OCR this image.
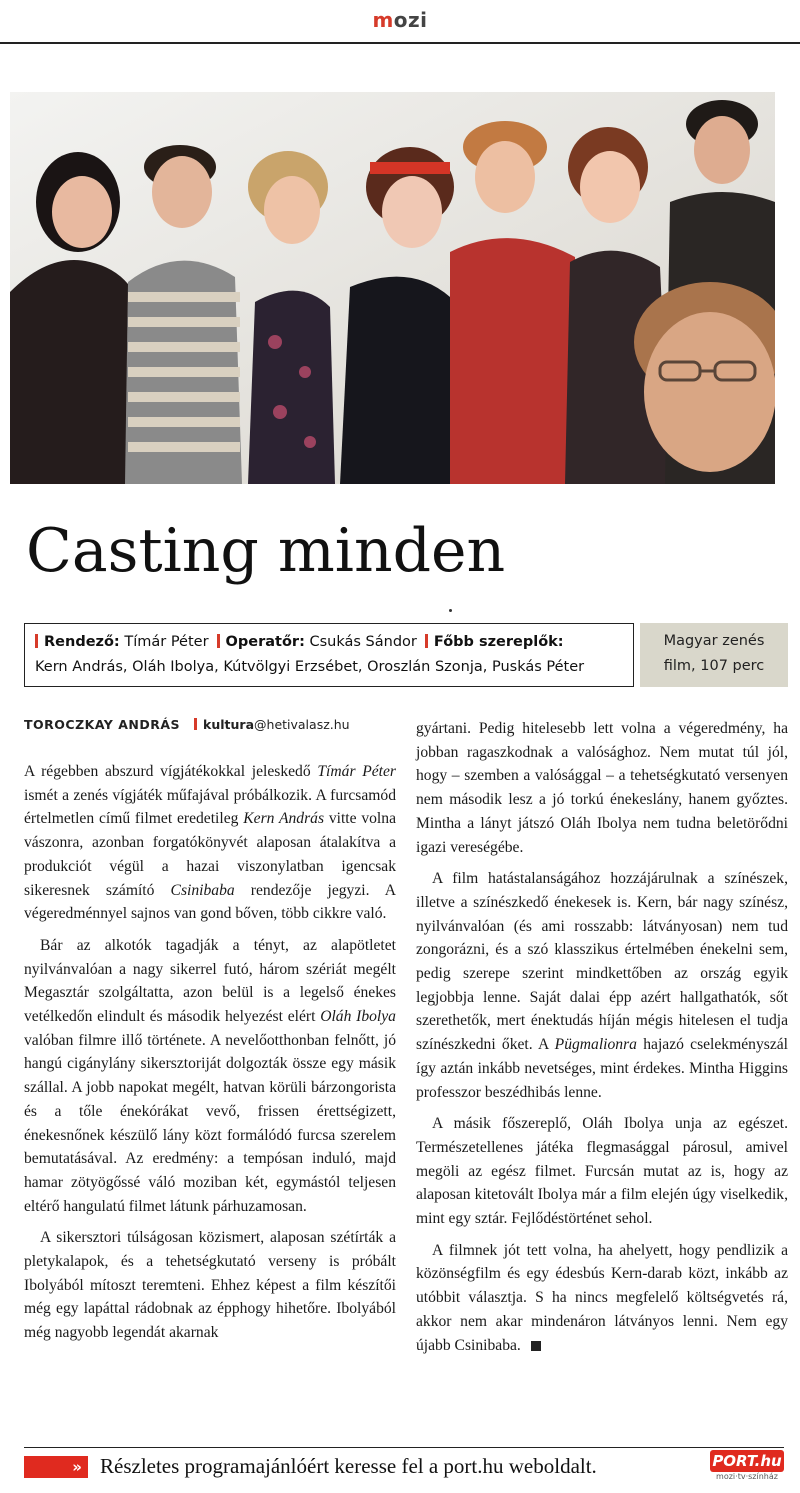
mozi
Casting minden
Rendező: Tímár Péter Operatőr: Csukás Sándor Főbb szereplők:
Kern András, Oláh Ibolya, Kútvölgyi Erzsébet, Oroszlán Szonja, Puskás Péter
Magyar zenés
film, 107 perc
TOROCZKAY ANDRÁS kultura@hetivalasz.hu

A régebben abszurd vígjátékokkal jeleskedő Tímár Péter ismét a zenés vígjáték műfajával próbálkozik. A furcsamód értelmetlen című filmet eredetileg Kern András vitte volna vászonra, azonban forgatókönyvét alaposan átalakítva a produkciót végül a hazai viszonylatban igencsak sikeresnek számító Csinibaba rendezője jegyzi. A végeredménnyel sajnos van gond bőven, több cikkre való.

Bár az alkotók tagadják a tényt, az alapötletet nyilvánvalóan a nagy sikerrel futó, három szériát megélt Megasztár szolgáltatta, azon belül is a legelső énekes vetélkedőn elindult és második helyezést elért Oláh Ibolya valóban filmre illő története. A nevelőotthonban felnőtt, jó hangú cigánylány sikersztoriját dolgozták össze egy másik szállal. A jobb napokat megélt, hatvan körüli bárzongorista és a tőle énekórákat vevő, frissen érettségizett, énekesnőnek készülő lány közt formálódó furcsa szerelem bemutatásával. Az eredmény: a tempósan induló, majd hamar zötyögőssé váló moziban két, egymástól teljesen eltérő hangulatú filmet látunk párhuzamosan.

A sikersztori túlságosan közismert, alaposan szétírták a pletykalapok, és a tehetségkutató verseny is próbált Ibolyából mítoszt teremteni. Ehhez képest a film készítői még egy lapáttal rádobnak az épphogy hihetőre. Ibolyából még nagyobb legendát akarnak

gyártani. Pedig hitelesebb lett volna a végeredmény, ha jobban ragaszkodnak a valósághoz. Nem mutat túl jól, hogy – szemben a valósággal – a tehetségkutató versenyen nem második lesz a jó torkú énekeslány, hanem győztes. Mintha a lányt játszó Oláh Ibolya nem tudna beletörődni igazi vereségébe.

A film hatástalanságához hozzájárulnak a színészek, illetve a színészkedő énekesek is. Kern, bár nagy színész, nyilvánvalóan (és ami rosszabb: látványosan) nem tud zongorázni, és a szó klasszikus értelmében énekelni sem, pedig szerepe szerint mindkettőben az ország egyik legjobbja lenne. Saját dalai épp azért hallgathatók, sőt szerethetők, mert énektudás híján mégis hitelesen el tudja színészkedni őket. A Pügmalionra hajazó cselekményszál így aztán inkább nevetséges, mint érdekes. Mintha Higgins professzor beszédhibás lenne.

A másik főszereplő, Oláh Ibolya unja az egészet. Természetellenes játéka flegmasággal párosul, amivel megöli az egész filmet. Furcsán mutat az is, hogy az alaposan kitetovált Ibolya már a film elején úgy viselkedik, mint egy sztár. Fejlődéstörténet sehol.

A filmnek jót tett volna, ha ahelyett, hogy pendlizik a közönségfilm és egy édesbús Kern-darab közt, inkább az utóbbit választja. S ha nincs megfelelő költségvetés rá, akkor nem akar mindenáron látványos lenni. Nem egy újabb Csinibaba.

» Részletes programajánlóért keresse fel a port.hu weboldalt.	PORT.hu
mozi·tv·színház
